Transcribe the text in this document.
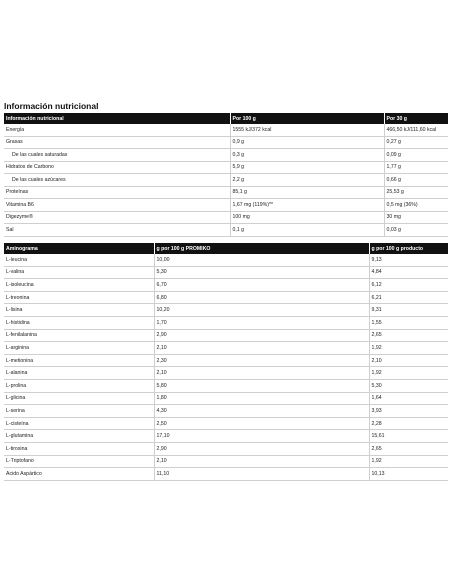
Información nutricional
Información nutricional	Por 100 g	Por 30 g
Energía	1555 kJ/372 kcal	466,50 kJ/111,60 kcal
Grasas	0,9 g	0,27 g
De las cuales saturadas	0,3 g	0,09 g
Hidratos de Carbono	5,9 g	1,77 g
De las cuales azúcares	2,2 g	0,66 g
Proteínas	85,1 g	25,53 g
Vitamina B6	1,67 mg (119%)**	0,5 mg (36%)
Digezyme®	100 mg	30 mg
Sal	0,1 g	0,03 g
Aminograma	g por 100 g PROMIKO	g por 100 g producto
L-leucina	10,00	9,13
L-valina	5,30	4,84
L-isoleucina	6,70	6,12
L-treonina	6,80	6,21
L-lisina	10,20	9,31
L-histidina	1,70	1,55
L-fenilalanina	2,90	2,65
L-arginina	2,10	1,92
L-metionina	2,30	2,10
L-alanina	2,10	1,92
L-prolina	5,80	5,30
L-glicina	1,80	1,64
L-serina	4,30	3,93
L-cisteína	2,50	2,28
L-glutamina	17,10	15,61
L-tirosina	2,90	2,65
L-Triptofano	2,10	1,92
Acido Aspártico	11,10	10,13
